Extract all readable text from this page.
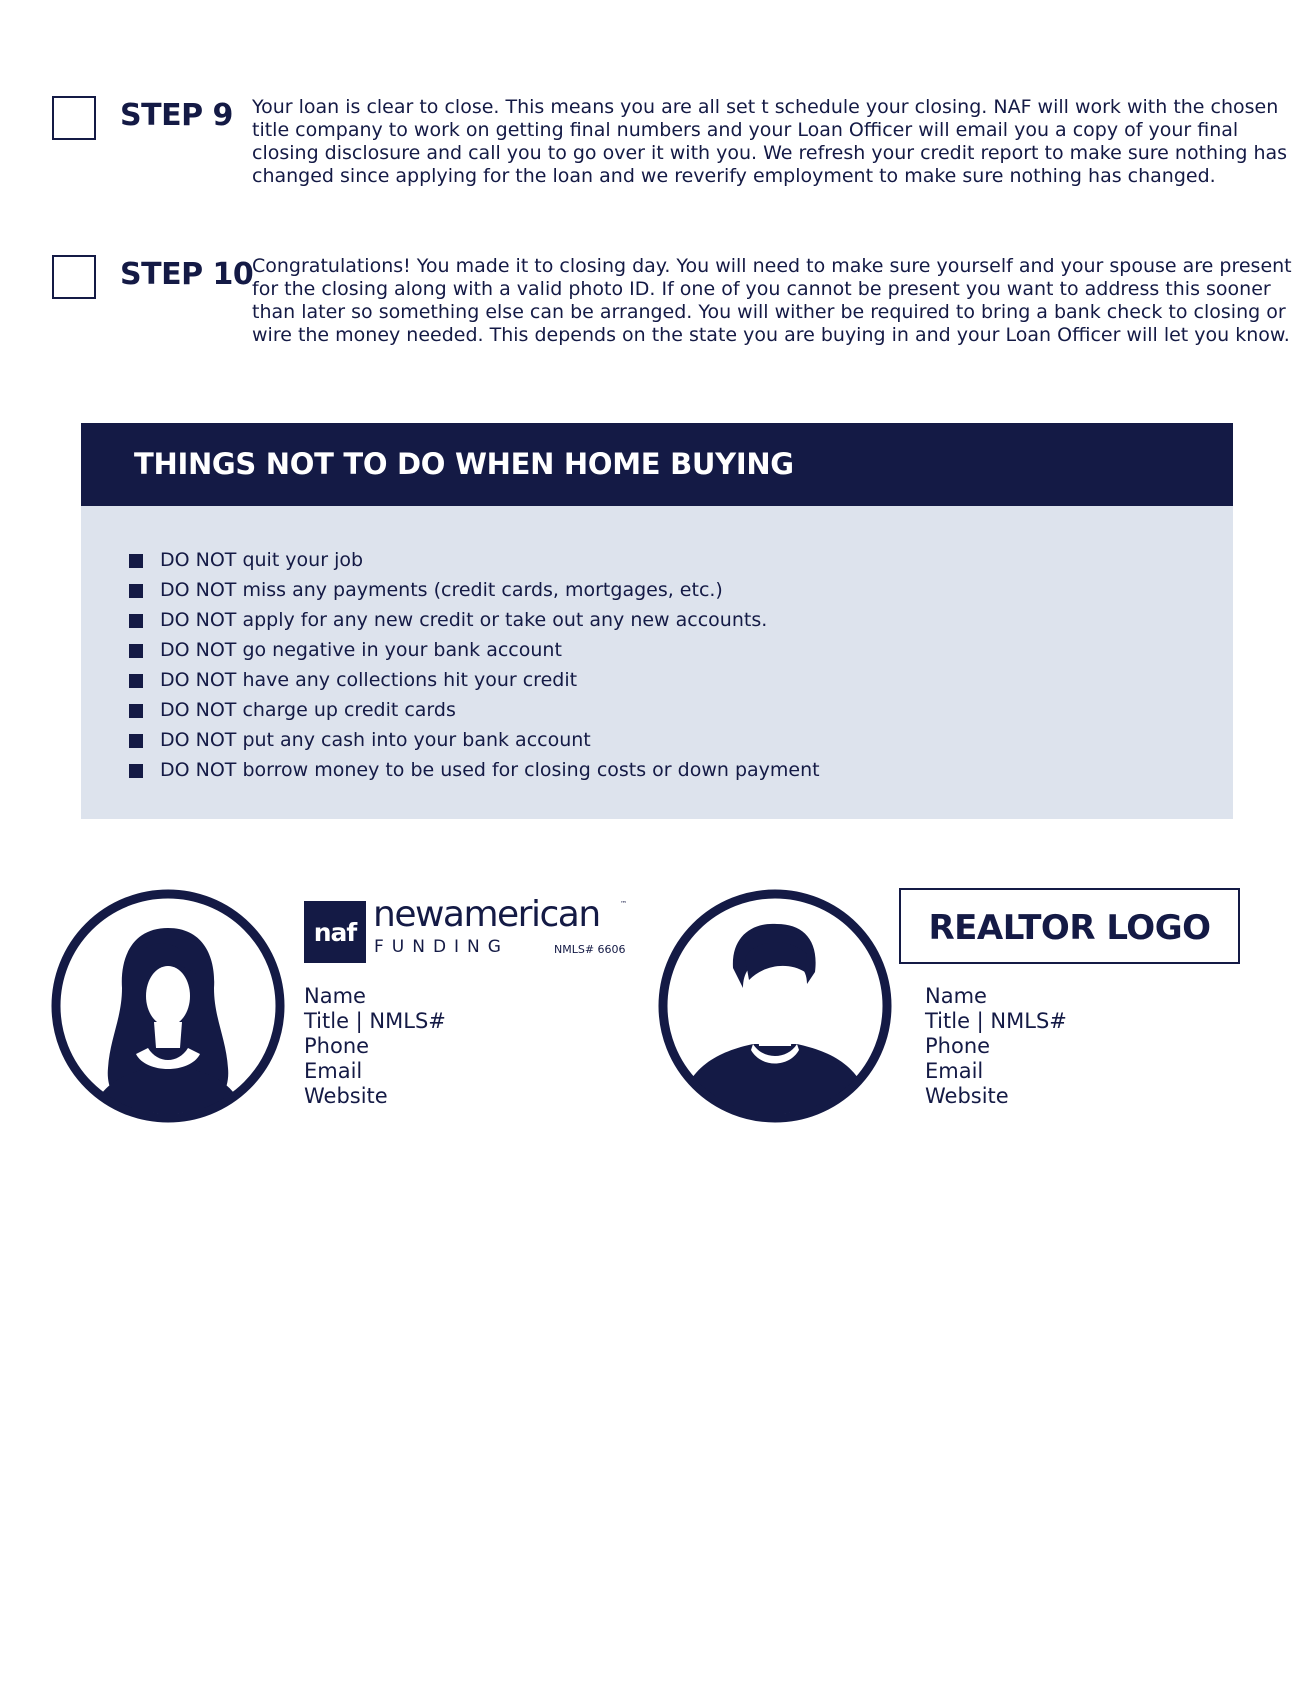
STEP 9 Your loan is clear to close. This means you are all set t schedule your closing. NAF will work with the chosen title company to work on getting final numbers and your Loan Officer will email you a copy of your final closing disclosure and call you to go over it with you. We refresh your credit report to make sure nothing has changed since applying for the loan and we reverify employment to make sure nothing has changed.
STEP 10
Congratulations! You made it to closing day. You will need to make sure yourself and your spouse are present for the closing along with a valid photo ID. If one of you cannot be present you want to address this sooner than later so something else can be arranged. You will wither be required to bring a bank check to closing or wire the money needed. This depends on the state you are buying in and your Loan Officer will let you know.
THINGS NOT TO DO WHEN HOME BUYING
DO NOT quit your job
DO NOT miss any payments (credit cards, mortgages, etc.)
DO NOT apply for any new credit or take out any new accounts.
DO NOT go negative in your bank account
DO NOT have any collections hit your credit
DO NOT charge up credit cards
DO NOT put any cash into your bank account
DO NOT borrow money to be used for closing costs or down payment
naf newamerican	™
FUNDING	NMLS# 6606
Name
Title | NMLS#
Phone
Email
Website
REALTOR LOGO
Name
Title | NMLS#
Phone
Email
Website
